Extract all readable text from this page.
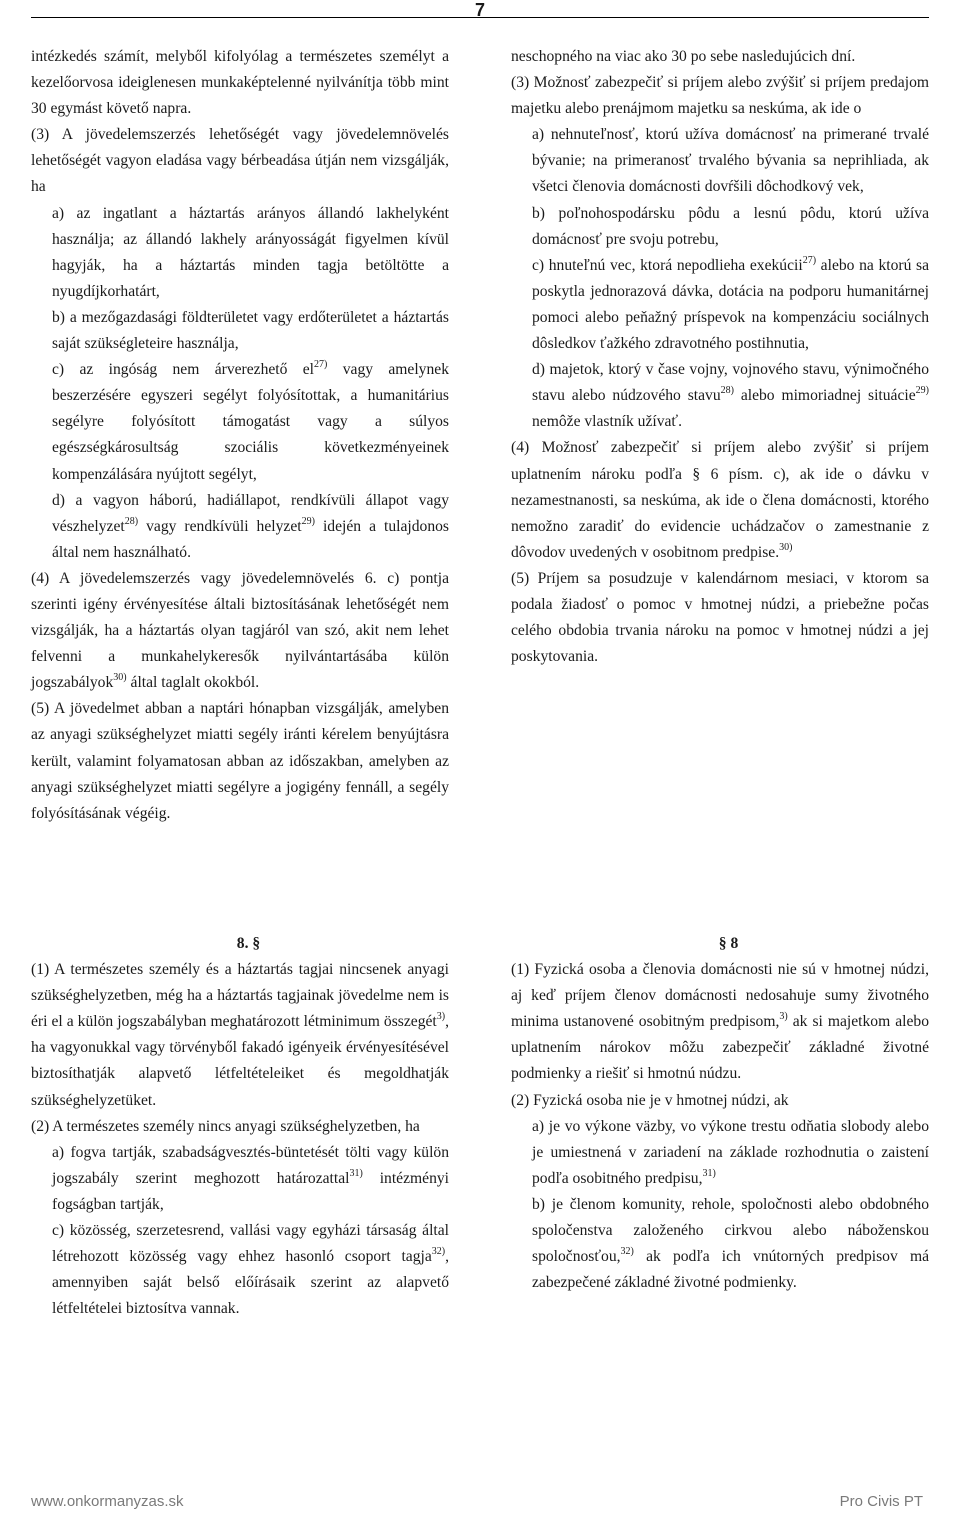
7

intézkedés számít, melyből kifolyólag a természetes személyt a kezelőorvosa ideiglenesen munkaképtelenné nyilvánítja több mint 30 egymást követő napra.

(3) A jövedelemszerzés lehetőségét vagy jövedelemnövelés lehetőségét vagyon eladása vagy bérbeadása útján nem vizsgálják, ha

a) az ingatlant a háztartás arányos állandó lakhelyként használja; az állandó lakhely arányosságát figyelmen kívül hagyják, ha a háztartás minden tagja betöltötte a nyugdíjkorhatárt,

b) a mezőgazdasági földterületet vagy erdőterületet a háztartás saját szükségleteire használja,

c) az ingóság nem árverezhető $el^{27)}$ vagy amelynek beszerzésére egyszeri segélyt folyósítottak, a humanitárius segélyre folyósított támogatást vagy a súlyos egészségkárosultság szociális következményeinek kompenzálására nyújtott segélyt,

d) a vagyon háború, hadiállapot, rendkívüli állapot vagy vészhelyzet$^{28)}$ vagy rendkívüli helyzet$^{29)}$ idején a tulajdonos által nem használható.

(4) A jövedelemszerzés vagy jövedelemnövelés 6. c) pontja szerinti igény érvényesítése általi biztosításának lehetőségét nem vizsgálják, ha a háztartás olyan tagjáról van szó, akit nem lehet felvenni a munkahelykeresők nyilvántartásába külön jogszabályok$^{30)}$ által taglalt okokból.

(5) A jövedelmet abban a naptári hónapban vizsgálják, amelyben az anyagi szükséghelyzet miatti segély iránti kérelem benyújtásra került, valamint folyamatosan abban az időszakban, amelyben az anyagi szükséghelyzet miatti segélyre a jogigény fennáll, a segély folyósításának végéig.

neschopného na viac ako 30 po sebe nasledujúcich dní.

(3) Možnosť zabezpečiť si príjem alebo zvýšiť si príjem predajom majetku alebo prenájmom majetku sa neskúma, ak ide o

a) nehnuteľnosť, ktorú užíva domácnosť na primerané trvalé bývanie; na primeranosť trvalého bývania sa neprihliada, ak všetci členovia domácnosti dovŕšili dôchodkový vek,

b) poľnohospodársku pôdu a lesnú pôdu, ktorú užíva domácnosť pre svoju potrebu,

c) hnuteľnú vec, ktorá nepodlieha exekúcii$^{27)}$ alebo na ktorú sa poskytla jednorazová dávka, dotácia na podporu humanitárnej pomoci alebo peňažný príspevok na kompenzáciu sociálnych dôsledkov ťažkého zdravotného postihnutia,

d) majetok, ktorý v čase vojny, vojnového stavu, výnimočného stavu alebo núdzového stavu$^{28)}$ alebo mimoriadnej situácie$^{29)}$ nemôže vlastník užívať.

(4) Možnosť zabezpečiť si príjem alebo zvýšiť si príjem uplatnením nároku podľa § 6 písm. c), ak ide o dávku v nezamestnanosti, sa neskúma, ak ide o člena domácnosti, ktorého nemožno zaradiť do evidencie uchádzačov o zamestnanie z dôvodov uvedených v osobitnom predpise.$^{30)}$

(5) Príjem sa posudzuje v kalendárnom mesiaci, v ktorom sa podala žiadosť o pomoc v hmotnej núdzi, a priebežne počas celého obdobia trvania nároku na pomoc v hmotnej núdzi a jej poskytovania.

8. §

(1) A természetes személy és a háztartás tagjai nincsenek anyagi szükséghelyzetben, még ha a háztartás tagjainak jövedelme nem is éri el a külön jogszabályban meghatározott létminimum összegét$^{3)}$, ha vagyonukkal vagy törvényből fakadó igényeik érvényesítésével biztosíthatják alapvető létfeltételeiket és megoldhatják szükséghelyzetüket.

(2) A természetes személy nincs anyagi szükséghelyzetben, ha

a) fogva tartják, szabadságvesztés-büntetését tölti vagy külön jogszabály szerint meghozott határozattal$^{31)}$ intézményi fogságban tartják,

c) közösség, szerzetesrend, vallási vagy egyházi társaság által létrehozott közösség vagy ehhez hasonló csoport tagja$^{32)}$, amennyiben saját belső előírásaik szerint az alapvető létfeltételei biztosítva vannak.

§ 8

(1) Fyzická osoba a členovia domácnosti nie sú v hmotnej núdzi, aj keď príjem členov domácnosti nedosahuje sumy životného minima ustanovené osobitným predpisom,$^{3)}$ ak si majetkom alebo uplatnením nárokov môžu zabezpečiť základné životné podmienky a riešiť si hmotnú núdzu.

(2) Fyzická osoba nie je v hmotnej núdzi, ak

a) je vo výkone väzby, vo výkone trestu odňatia slobody alebo je umiestnená v zariadení na základe rozhodnutia o zaistení podľa osobitného predpisu,$^{31)}$

b) je členom komunity, rehole, spoločnosti alebo obdobného spoločenstva založeného cirkvou alebo náboženskou spoločnosťou,$^{32)}$ ak podľa ich vnútorných predpisov má zabezpečené základné životné podmienky.

www.onkormanyzas.sk	Pro Civis PT
